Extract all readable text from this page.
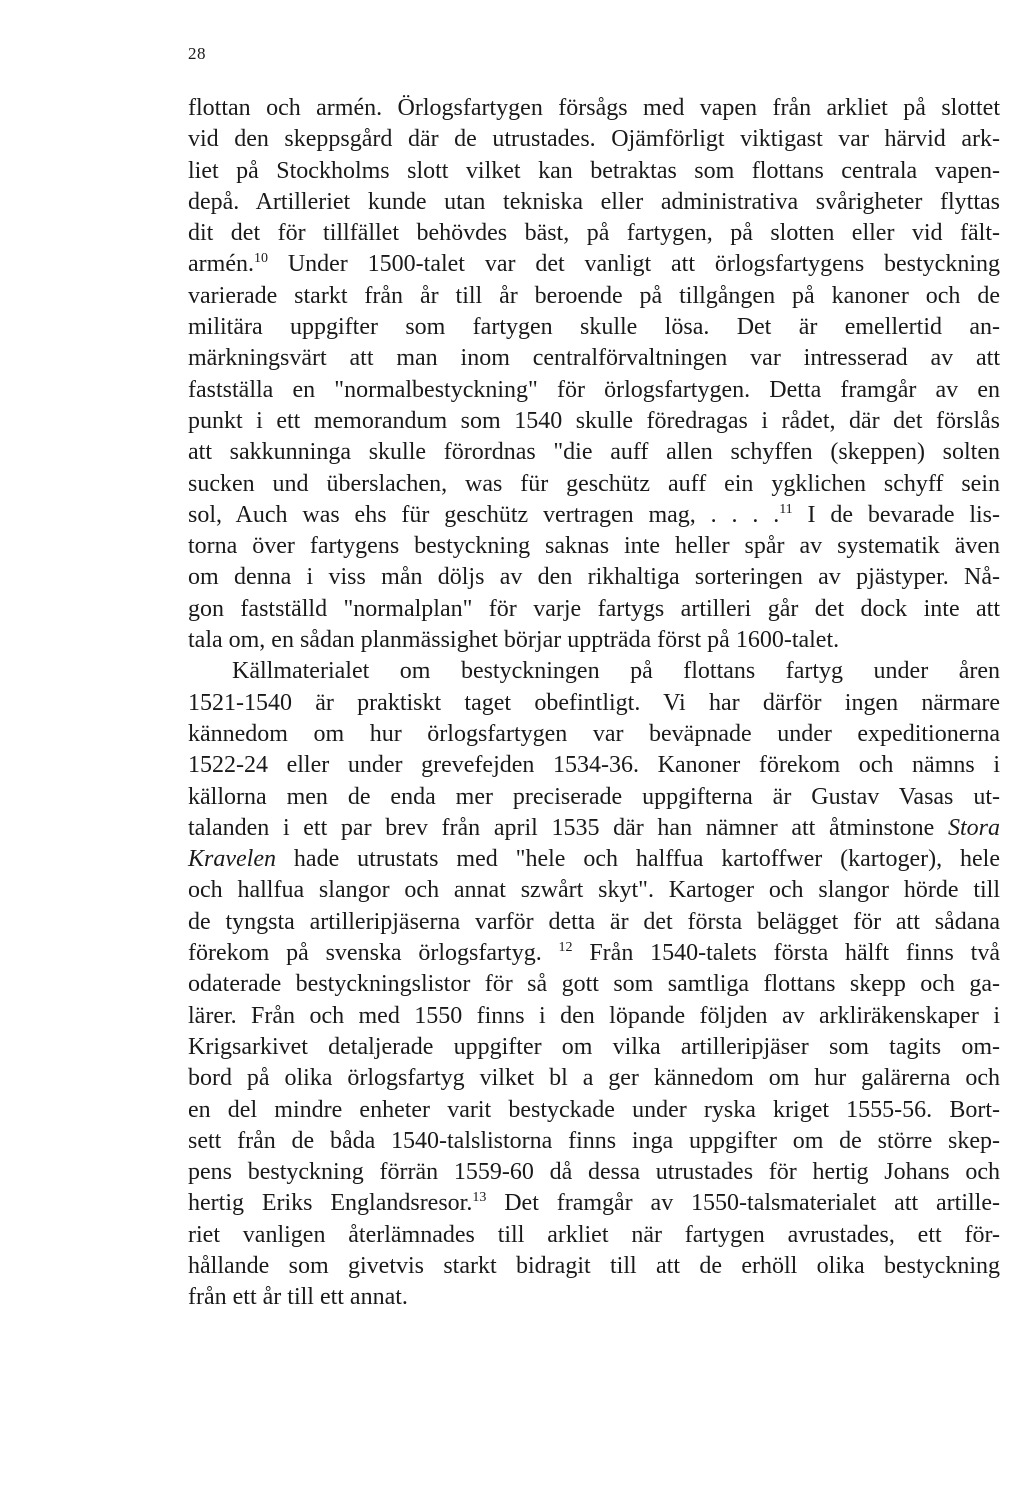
28
flottan och armén. Örlogsfartygen försågs med vapen från arkliet på slottet
vid den skeppsgård där de utrustades. Ojämförligt viktigast var härvid ark-
liet på Stockholms slott vilket kan betraktas som flottans centrala vapen-
depå. Artilleriet kunde utan tekniska eller administrativa svårigheter flyttas
dit det för tillfället behövdes bäst, på fartygen, på slotten eller vid fält-
armén.$^{10}$ Under 1500-talet var det vanligt att örlogsfartygens bestyckning
varierade starkt från år till år beroende på tillgången på kanoner och de
militära uppgifter som fartygen skulle lösa. Det är emellertid an-
märkningsvärt att man inom centralförvaltningen var intresserad av att
fastställa en "normalbestyckning" för örlogsfartygen. Detta framgår av en
punkt i ett memorandum som 1540 skulle föredragas i rådet, där det förslås
att sakkunninga skulle förordnas "die auff allen schyffen (skeppen) solten
sucken und überslachen, was für geschütz auff ein ygklichen schyff sein
sol, Auch was ehs für geschütz vertragen mag, . . . .$^{11}$ I de bevarade lis-
torna över fartygens bestyckning saknas inte heller spår av systematik även
om denna i viss mån döljs av den rikhaltiga sorteringen av pjästyper. Nå-
gon fastställd "normalplan" för varje fartygs artilleri går det dock inte att
tala om, en sådan planmässighet börjar uppträda först på 1600-talet.
Källmaterialet om bestyckningen på flottans fartyg under åren
1521-1540 är praktiskt taget obefintligt. Vi har därför ingen närmare
kännedom om hur örlogsfartygen var beväpnade under expeditionerna
1522-24 eller under grevefejden 1534-36. Kanoner förekom och nämns i
källorna men de enda mer preciserade uppgifterna är Gustav Vasas ut-
talanden i ett par brev från april 1535 där han nämner att åtminstone Stora
Kravelen hade utrustats med "hele och halffua kartoffwer (kartoger), hele
och hallfua slangor och annat szwårt skyt". Kartoger och slangor hörde till
de tyngsta artilleripjäserna varför detta är det första belägget för att sådana
förekom på svenska örlogsfartyg. $^{12}$ Från 1540-talets första hälft finns två
odaterade bestyckningslistor för så gott som samtliga flottans skepp och ga-
lärer. Från och med 1550 finns i den löpande följden av arkliräkenskaper i
Krigsarkivet detaljerade uppgifter om vilka artilleripjäser som tagits om-
bord på olika örlogsfartyg vilket bl a ger kännedom om hur galärerna och
en del mindre enheter varit bestyckade under ryska kriget 1555-56. Bort-
sett från de båda 1540-talslistorna finns inga uppgifter om de större skep-
pens bestyckning förrän 1559-60 då dessa utrustades för hertig Johans och
hertig Eriks Englandsresor.$^{13}$ Det framgår av 1550-talsmaterialet att artille-
riet vanligen återlämnades till arkliet när fartygen avrustades, ett för-
hållande som givetvis starkt bidragit till att de erhöll olika bestyckning
från ett år till ett annat.
